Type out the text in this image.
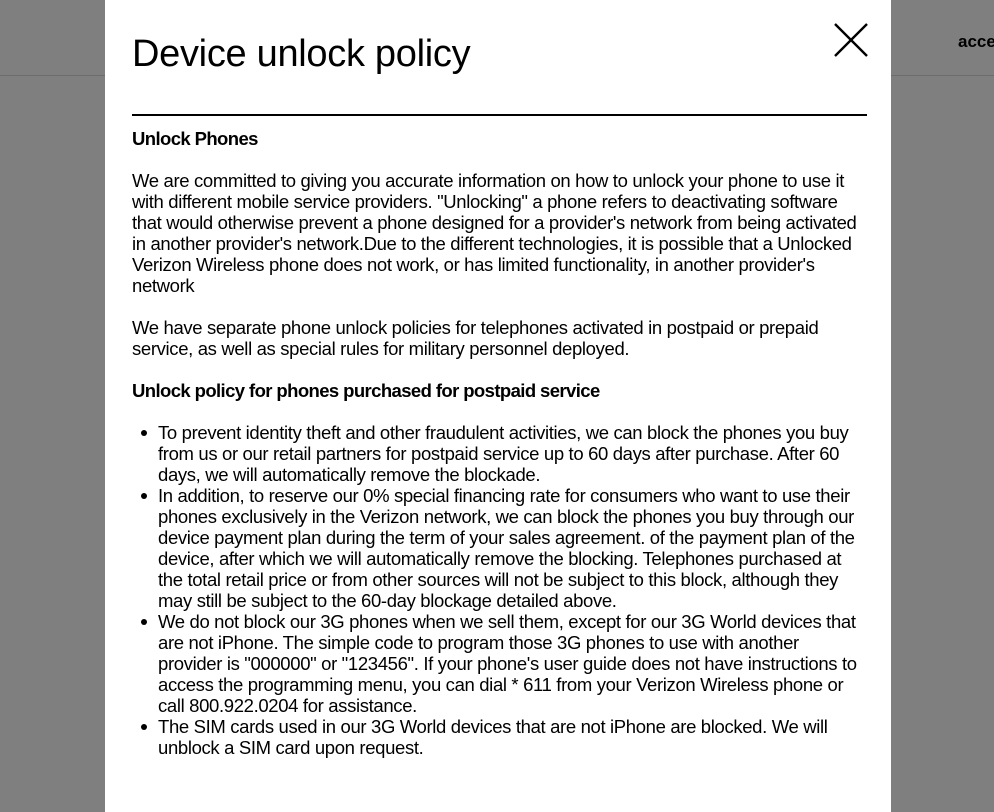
Device unlock policy
Unlock Phones

We are committed to giving you accurate information on how to unlock your phone to use it with different mobile service providers. "Unlocking" a phone refers to deactivating software that would otherwise prevent a phone designed for a provider's network from being activated in another provider's network.Due to the different technologies, it is possible that a Unlocked Verizon Wireless phone does not work, or has limited functionality, in another provider's network

We have separate phone unlock policies for telephones activated in postpaid or prepaid service, as well as special rules for military personnel deployed.

Unlock policy for phones purchased for postpaid service
To prevent identity theft and other fraudulent activities, we can block the phones you buy from us or our retail partners for postpaid service up to 60 days after purchase. After 60 days, we will automatically remove the blockade.
In addition, to reserve our 0% special financing rate for consumers who want to use their phones exclusively in the Verizon network, we can block the phones you buy through our device payment plan during the term of your sales agreement. of the payment plan of the device, after which we will automatically remove the blocking. Telephones purchased at the total retail price or from other sources will not be subject to this block, although they may still be subject to the 60-day blockage detailed above.
We do not block our 3G phones when we sell them, except for our 3G World devices that are not iPhone. The simple code to program those 3G phones to use with another provider is "000000" or "123456". If your phone's user guide does not have instructions to access the programming menu, you can dial * 611 from your Verizon Wireless phone or call 800.922.0204 for assistance.
The SIM cards used in our 3G World devices that are not iPhone are blocked. We will unblock a SIM card upon request.
